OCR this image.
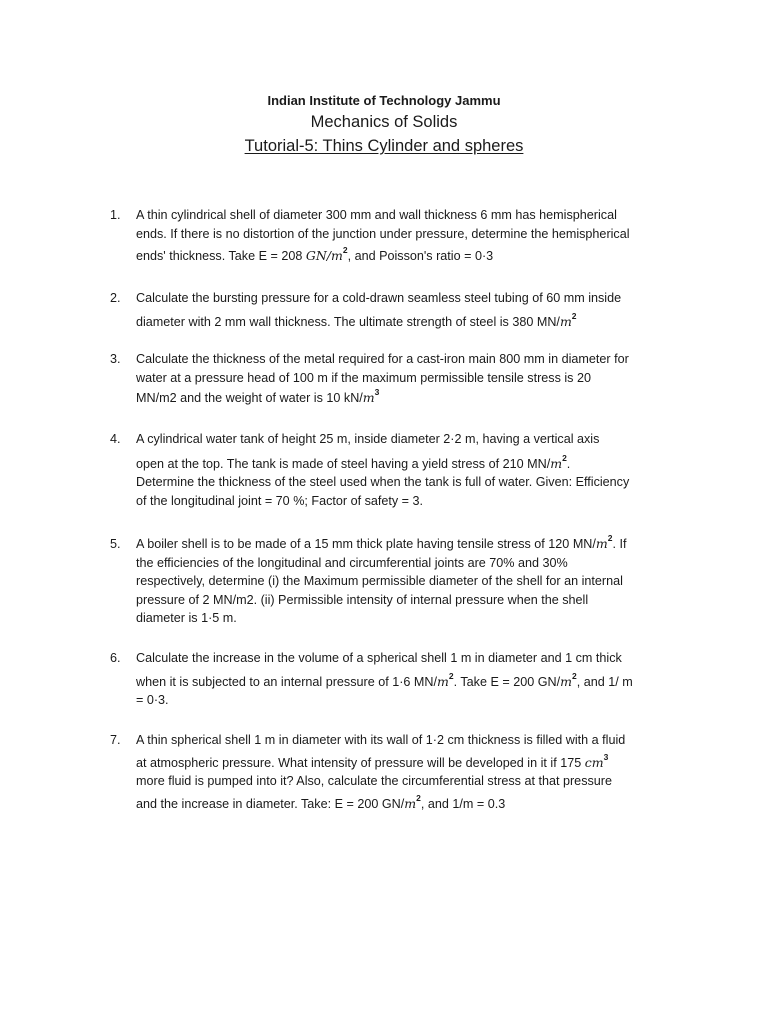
Indian Institute of Technology Jammu
Mechanics of Solids
Tutorial-5: Thins Cylinder and spheres
1. A thin cylindrical shell of diameter 300 mm and wall thickness 6 mm has hemispherical
ends. If there is no distortion of the junction under pressure, determine the hemispherical
ends' thickness. Take E = 208 $GN/m^2$, and Poisson's ratio = 0·3
2. Calculate the bursting pressure for a cold-drawn seamless steel tubing of 60 mm inside
diameter with 2 mm wall thickness. The ultimate strength of steel is 380 $MN/m^2$
3. Calculate the thickness of the metal required for a cast-iron main 800 mm in diameter for
water at a pressure head of 100 m if the maximum permissible tensile stress is 20
MN/m2 and the weight of water is 10 $kN/m^3$
4. A cylindrical water tank of height 25 m, inside diameter 2·2 m, having a vertical axis
open at the top. The tank is made of steel having a yield stress of 210 $MN/m^2$.
Determine the thickness of the steel used when the tank is full of water. Given: Efficiency
of the longitudinal joint = 70 %; Factor of safety = 3.
5. A boiler shell is to be made of a 15 mm thick plate having tensile stress of 120 $MN/m^2$. If
the efficiencies of the longitudinal and circumferential joints are 70% and 30%
respectively, determine (i) the Maximum permissible diameter of the shell for an internal
pressure of 2 MN/m2. (ii) Permissible intensity of internal pressure when the shell
diameter is 1·5 m.
6. Calculate the increase in the volume of a spherical shell 1 m in diameter and 1 cm thick
when it is subjected to an internal pressure of 1·6 $MN/m^2$. Take E = 200 $GN/m^2$, and 1/ m
= 0·3.
7. A thin spherical shell 1 m in diameter with its wall of 1·2 cm thickness is filled with a fluid
at atmospheric pressure. What intensity of pressure will be developed in it if 175 $cm^3$
more fluid is pumped into it? Also, calculate the circumferential stress at that pressure
and the increase in diameter. Take: E = 200 $GN/m^2$, and 1/m = 0.3
